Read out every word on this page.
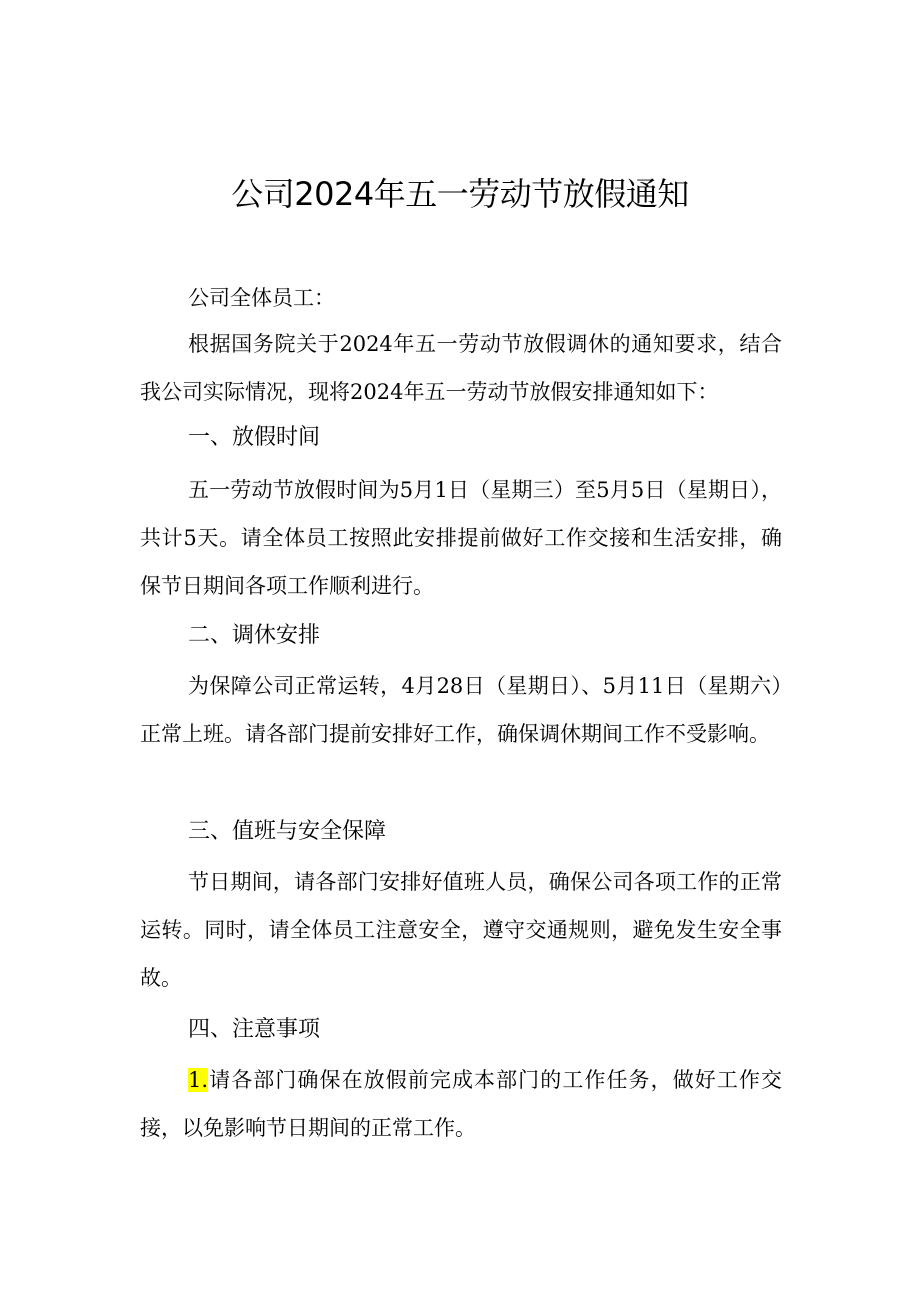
公司2024年五一劳动节放假通知

公司全体员工：

根据国务院关于2024年五一劳动节放假调休的通知要求，结合我公司实际情况，现将2024年五一劳动节放假安排通知如下：

一、放假时间

五一劳动节放假时间为5月1日（星期三）至5月5日（星期日），共计5天。请全体员工按照此安排提前做好工作交接和生活安排，确保节日期间各项工作顺利进行。

二、调休安排

为保障公司正常运转，4月28日（星期日）、5月11日（星期六）正常上班。请各部门提前安排好工作，确保调休期间工作不受影响。

三、值班与安全保障

节日期间，请各部门安排好值班人员，确保公司各项工作的正常运转。同时，请全体员工注意安全，遵守交通规则，避免发生安全事故。

四、注意事项

1.请各部门确保在放假前完成本部门的工作任务，做好工作交接，以免影响节日期间的正常工作。
